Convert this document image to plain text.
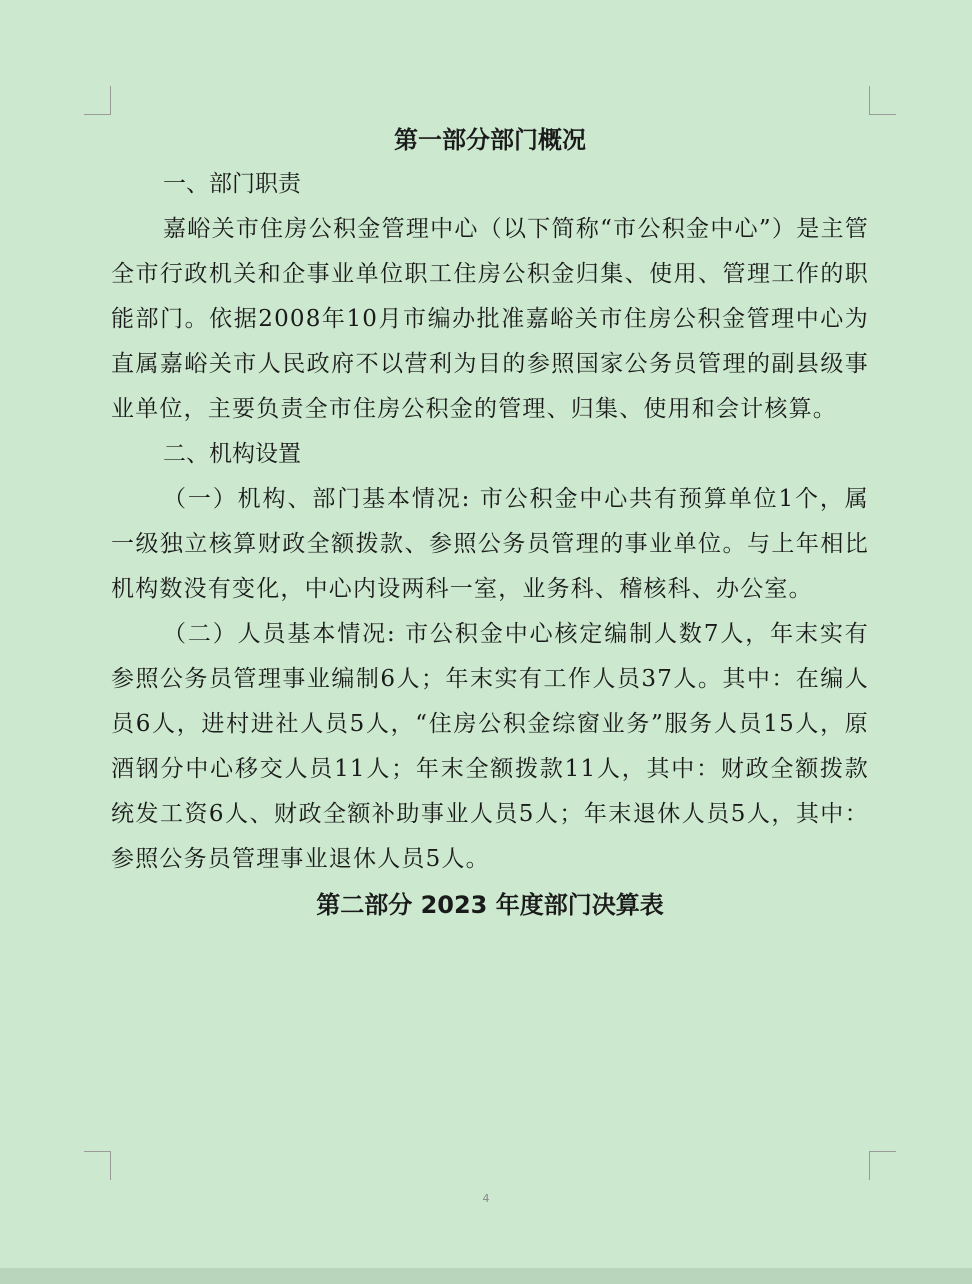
第一部分部门概况

一、部门职责

嘉峪关市住房公积金管理中心（以下简称“市公积金中心”）是主管全市行政机关和企事业单位职工住房公积金归集、使用、管理工作的职能部门。依据2008年10月市编办批准嘉峪关市住房公积金管理中心为直属嘉峪关市人民政府不以营利为目的参照国家公务员管理的副县级事业单位，主要负责全市住房公积金的管理、归集、使用和会计核算。

二、机构设置

（一）机构、部门基本情况: 市公积金中心共有预算单位1个，属一级独立核算财政全额拨款、参照公务员管理的事业单位。与上年相比机构数没有变化，中心内设两科一室，业务科、稽核科、办公室。

（二）人员基本情况: 市公积金中心核定编制人数7人，年末实有参照公务员管理事业编制6人；年末实有工作人员37人。其中：在编人员6人，进村进社人员5人，“住房公积金综窗业务”服务人员15人，原酒钢分中心移交人员11人；年末全额拨款11人，其中：财政全额拨款统发工资6人、财政全额补助事业人员5人；年末退休人员5人，其中：参照公务员管理事业退休人员5人。

第二部分 2023 年度部门决算表

4
